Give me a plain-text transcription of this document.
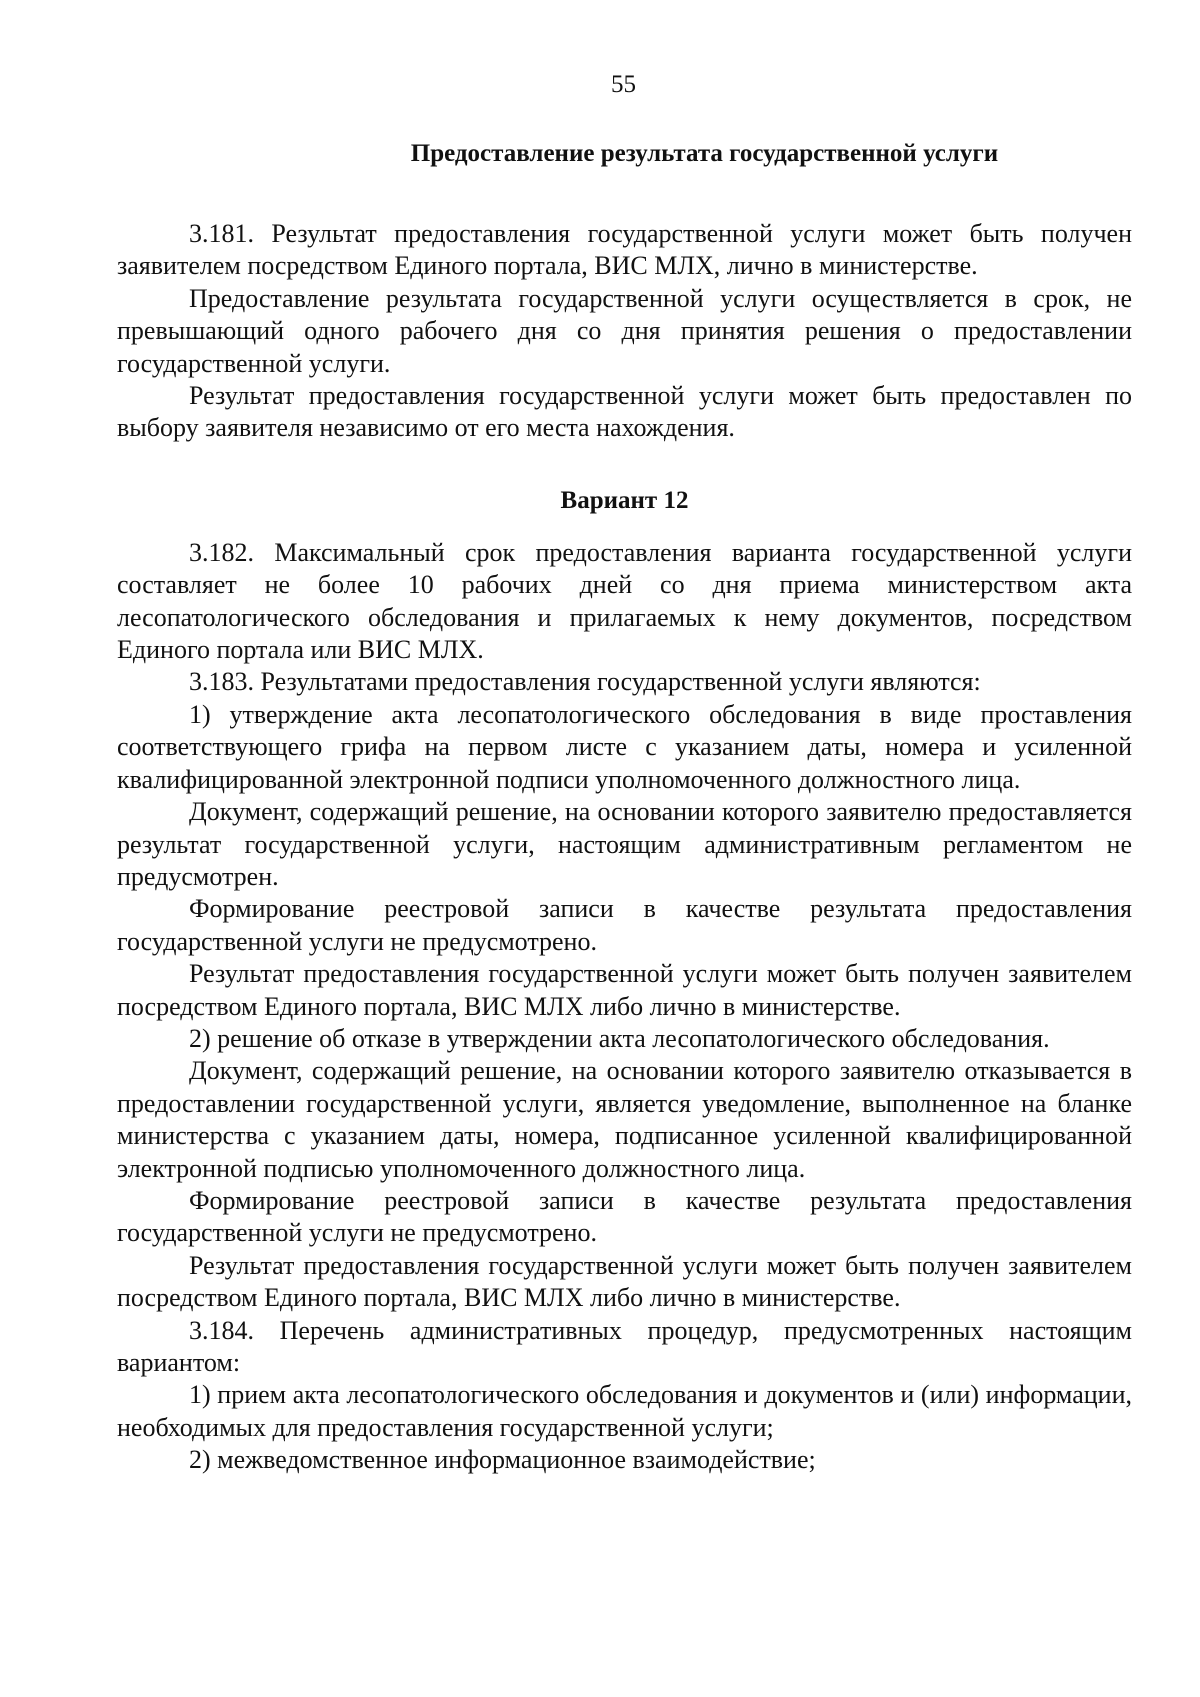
55
Предоставление результата государственной услуги

3.181. Результат предоставления государственной услуги может быть получен заявителем посредством Единого портала, ВИС МЛХ, лично в министерстве.

Предоставление результата государственной услуги осуществляется в срок, не превышающий одного рабочего дня со дня принятия решения о предоставлении государственной услуги.

Результат предоставления государственной услуги может быть предоставлен по выбору заявителя независимо от его места нахождения.

Вариант 12

3.182. Максимальный срок предоставления варианта государственной услуги составляет не более 10 рабочих дней со дня приема министерством акта лесопатологического обследования и прилагаемых к нему документов, посредством Единого портала или ВИС МЛХ.

3.183. Результатами предоставления государственной услуги являются:

1) утверждение акта лесопатологического обследования в виде проставления соответствующего грифа на первом листе с указанием даты, номера и усиленной квалифицированной электронной подписи уполномоченного должностного лица.

Документ, содержащий решение, на основании которого заявителю предоставляется результат государственной услуги, настоящим административным регламентом не предусмотрен.

Формирование реестровой записи в качестве результата предоставления государственной услуги не предусмотрено.

Результат предоставления государственной услуги может быть получен заявителем посредством Единого портала, ВИС МЛХ либо лично в министерстве.

2) решение об отказе в утверждении акта лесопатологического обследования.

Документ, содержащий решение, на основании которого заявителю отказывается в предоставлении государственной услуги, является уведомление, выполненное на бланке министерства с указанием даты, номера, подписанное усиленной квалифицированной электронной подписью уполномоченного должностного лица.

Формирование реестровой записи в качестве результата предоставления государственной услуги не предусмотрено.

Результат предоставления государственной услуги может быть получен заявителем посредством Единого портала, ВИС МЛХ либо лично в министерстве.

3.184. Перечень административных процедур, предусмотренных настоящим вариантом:

1) прием акта лесопатологического обследования и документов и (или) информации, необходимых для предоставления государственной услуги;

2) межведомственное информационное взаимодействие;
